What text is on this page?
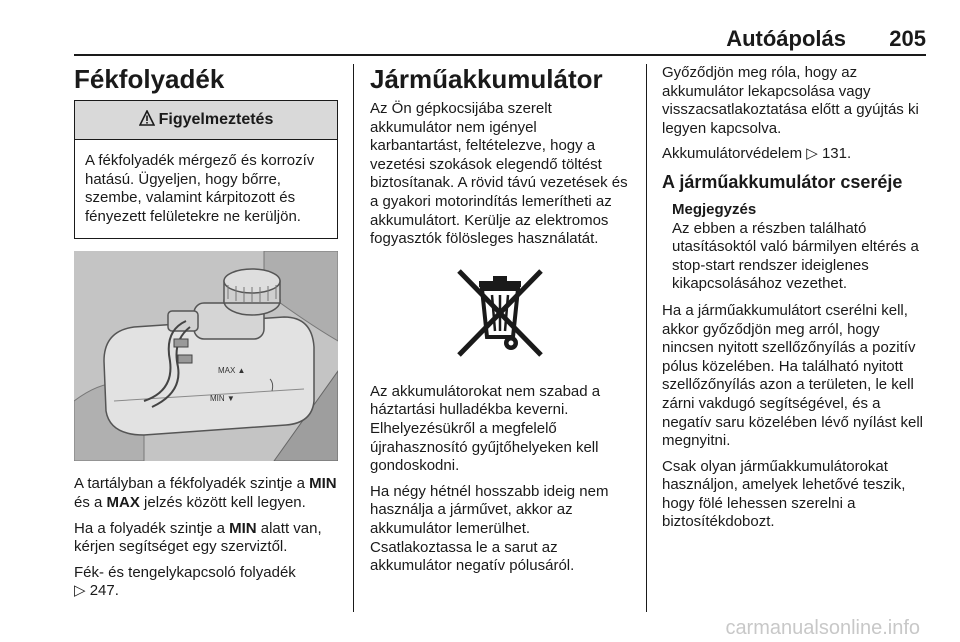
Autóápolás 205
Fékfolyadék
Figyelmeztetés
A fékfolyadék mérgező és korrozív hatású. Ügyeljen, hogy bőrre, szembe, valamint kárpitozott és fényezett felületekre ne kerüljön.
MAX ▲
MIN ▼

A tartályban a fékfolyadék szintje a MIN és a MAX jelzés között kell legyen.

Ha a folyadék szintje a MIN alatt van, kérjen segítséget egy szerviztől.

Fék- és tengelykapcsoló folyadék
▷ 247.

Járműakkumulátor

Az Ön gépkocsijába szerelt akkumulátor nem igényel karbantartást, feltételezve, hogy a vezetési szokások elegendő töltést biztosítanak. A rövid távú vezetések és a gyakori motorindítás lemerítheti az akkumulátort. Kerülje az elektromos fogyasztók fölösleges használatát.

Az akkumulátorokat nem szabad a háztartási hulladékba keverni. Elhelyezésükről a megfelelő újrahasznosító gyűjtőhelyeken kell gondoskodni.

Ha négy hétnél hosszabb ideig nem használja a járművet, akkor az akkumulátor lemerülhet. Csatlakoztassa le a sarut az akkumulátor negatív pólusáról.

Győződjön meg róla, hogy az akkumulátor lekapcsolása vagy visszacsatlakoztatása előtt a gyújtás ki legyen kapcsolva.

Akkumulátorvédelem ▷ 131.

A járműakkumulátor cseréje
Megjegyzés
Az ebben a részben található utasításoktól való bármilyen eltérés a stop-start rendszer ideiglenes kikapcsolásához vezethet.

Ha a járműakkumulátort cserélni kell, akkor győződjön meg arról, hogy nincsen nyitott szellőzőnyílás a pozitív pólus közelében. Ha található nyitott szellőzőnyílás azon a területen, le kell zárni vakdugó segítségével, és a negatív saru közelében lévő nyílást kell megnyitni.

Csak olyan járműakkumulátorokat használjon, amelyek lehetővé teszik, hogy fölé lehessen szerelni a biztosítékdobozt.

carmanualsonline.info
